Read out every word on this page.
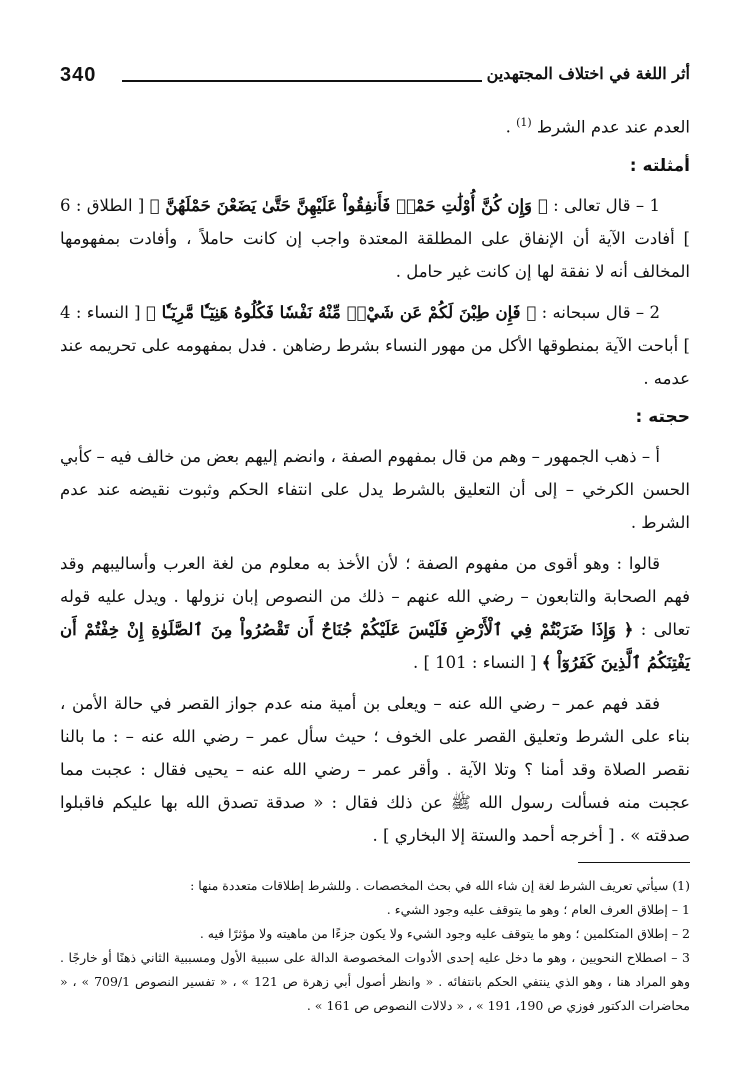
340	أثر اللغة في اختلاف المجتهدين

العدم عند عدم الشرط $^{(1)}$ .

أمثلته :

1 – قال تعالى : ﴿ وَإِن كُنَّ أُوْلَٰتِ حَمْلٖ فَأَنفِقُواْ عَلَيْهِنَّ حَتَّىٰ يَضَعْنَ حَمْلَهُنَّ ﴾ [ الطلاق : 6 ] أفادت الآية أن الإنفاق على المطلقة المعتدة واجب إن كانت حاملاً ، وأفادت بمفهومها المخالف أنه لا نفقة لها إن كانت غير حامل .

2 – قال سبحانه : ﴿ فَإِن طِبْنَ لَكُمْ عَن شَيْءٖ مِّنْهُ نَفْسٗا فَكُلُوهُ هَنِيٓـٔٗا مَّرِيٓـٔٗا ﴾ [ النساء : 4 ] أباحت الآية بمنطوقها الأكل من مهور النساء بشرط رضاهن . فدل بمفهومه على تحريمه عند عدمه .

حجته :

أ – ذهب الجمهور – وهم من قال بمفهوم الصفة ، وانضم إليهم بعض من خالف فيه – كأبي الحسن الكرخي – إلى أن التعليق بالشرط يدل على انتفاء الحكم وثبوت نقيضه عند عدم الشرط .

قالوا : وهو أقوى من مفهوم الصفة ؛ لأن الأخذ به معلوم من لغة العرب وأساليبهم وقد فهم الصحابة والتابعون – رضي الله عنهم – ذلك من النصوص إبان نزولها . ويدل عليه قوله تعالى : ﴿ وَإِذَا ضَرَبْتُمْ فِي ٱلْأَرْضِ فَلَيْسَ عَلَيْكُمْ جُنَاحٌ أَن تَقْصُرُواْ مِنَ ٱلصَّلَوٰةِ إِنْ خِفْتُمْ أَن يَفْتِنَكُمُ ٱلَّذِينَ كَفَرُوٓاْ ﴾ [ النساء : 101 ] .

فقد فهم عمر – رضي الله عنه – ويعلى بن أمية منه عدم جواز القصر في حالة الأمن ، بناء على الشرط وتعليق القصر على الخوف ؛ حيث سأل عمر – رضي الله عنه – : ما بالنا نقصر الصلاة وقد أمنا ؟ وتلا الآية . وأقر عمر – رضي الله عنه – يحيى فقال : عجبت مما عجبت منه فسألت رسول الله ﷺ عن ذلك فقال : « صدقة تصدق الله بها عليكم فاقبلوا صدقته » . [ أخرجه أحمد والستة إلا البخاري ] .

(1) سيأتي تعريف الشرط لغة إن شاء الله في بحث المخصصات . وللشرط إطلاقات متعددة منها :

1 – إطلاق العرف العام ؛ وهو ما يتوقف عليه وجود الشيء .

2 – إطلاق المتكلمين ؛ وهو ما يتوقف عليه وجود الشيء ولا يكون جزءًا من ماهيته ولا مؤثرًا فيه .

3 – اصطلاح النحويين ، وهو ما دخل عليه إحدى الأدوات المخصوصة الدالة على سببية الأول ومسببية الثاني ذهنًا أو خارجًا . وهو المراد هنا ، وهو الذي ينتفي الحكم بانتفائه . « وانظر أصول أبي زهرة ص 121 » ، « تفسير النصوص 709/1 » ، « محاضرات الدكتور فوزي ص 190، 191 » ، « دلالات النصوص ص 161 » .
